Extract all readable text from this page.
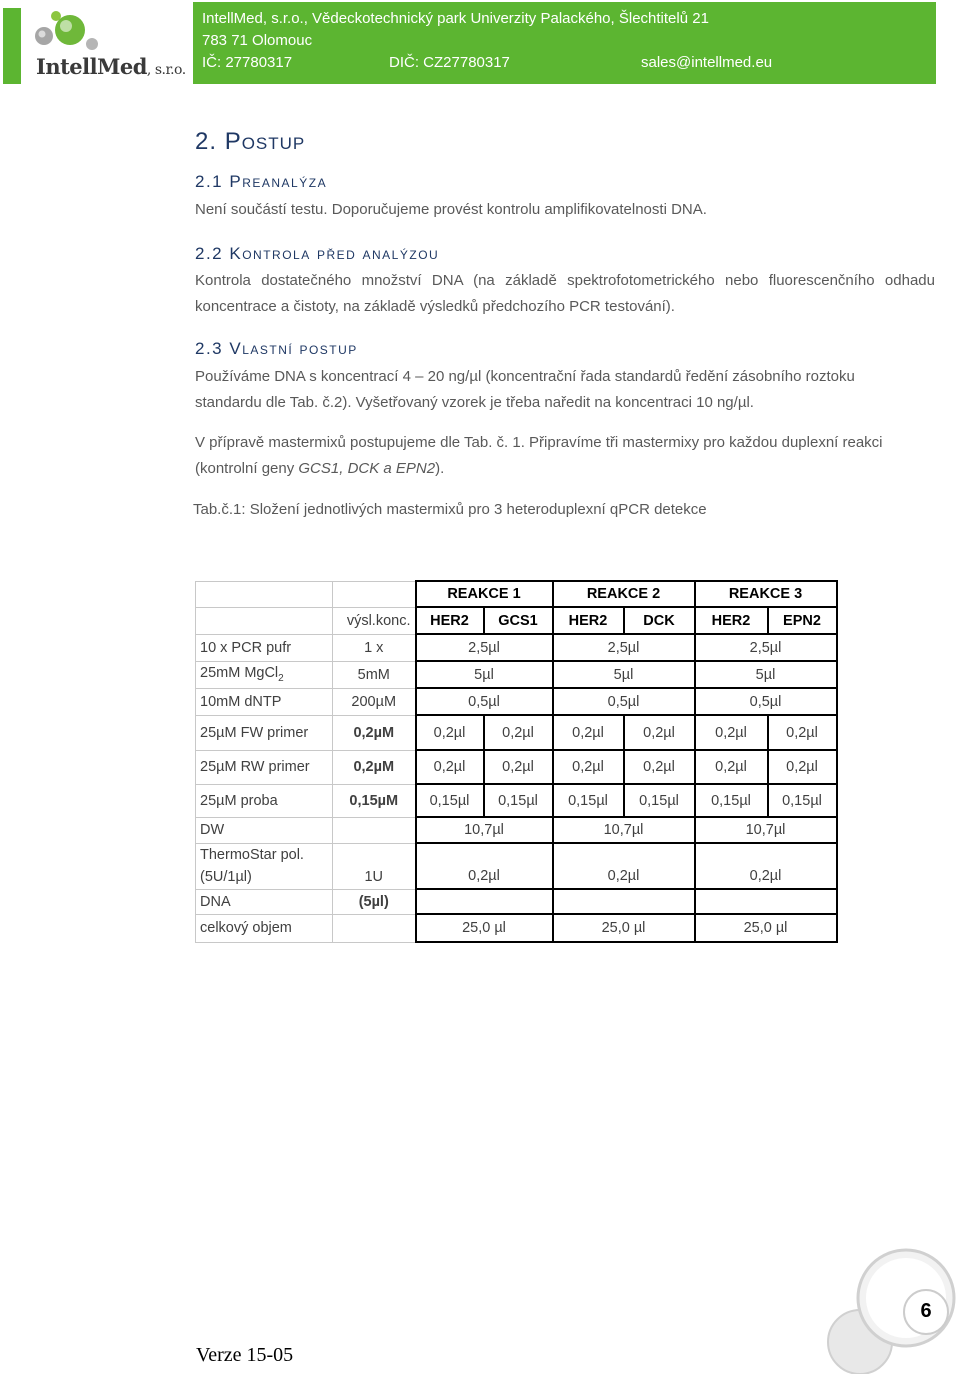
IntellMed, s.r.o.
IntellMed, s.r.o., Vědeckotechnický park Univerzity Palackého, Šlechtitelů 21
783 71 Olomouc
IČ: 27780317	DIČ: CZ27780317	sales@intellmed.eu
2. Postup
2.1 Preanalýza
Není součástí testu. Doporučujeme provést kontrolu amplifikovatelnosti DNA.
2.2 Kontrola před analýzou
Kontrola dostatečného množství DNA (na základě spektrofotometrického nebo fluorescenčního odhadu koncentrace a čistoty, na základě výsledků předchozího PCR testování).
2.3 Vlastní postup
Používáme DNA s koncentrací 4 – 20 ng/µl (koncentrační řada standardů ředění zásobního roztoku standardu dle Tab. č.2). Vyšetřovaný vzorek je třeba naředit na koncentraci 10 ng/µl.
V přípravě mastermixů postupujeme dle Tab. č. 1. Připravíme tři mastermixy pro každou duplexní reakci (kontrolní geny GCS1, DCK a EPN2).
Tab.č.1: Složení jednotlivých mastermixů pro 3 heteroduplexní qPCR detekce
		REAKCE 1		REAKCE 2		REAKCE 3	
	výsl.konc.	HER2	GCS1	HER2	DCK	HER2	EPN2
10 x PCR pufr	1 x	2,5µl		2,5µl		2,5µl	
25mM MgCl$_2$	5mM	5µl		5µl		5µl	
10mM dNTP	200µM	0,5µl		0,5µl		0,5µl	
25µM FW primer	0,2µM	0,2µl	0,2µl	0,2µl	0,2µl	0,2µl	0,2µl
25µM RW primer	0,2µM	0,2µl	0,2µl	0,2µl	0,2µl	0,2µl	0,2µl
25µM proba	0,15µM	0,15µl	0,15µl	0,15µl	0,15µl	0,15µl	0,15µl
DW		10,7µl		10,7µl		10,7µl	

ThermoStar pol.
(5U/1µl)	1U	0,2µl		0,2µl		0,2µl	
DNA	(5µl)						
celkový objem		25,0 µl		25,0 µl		25,0 µl	
Verze 15-05
6
